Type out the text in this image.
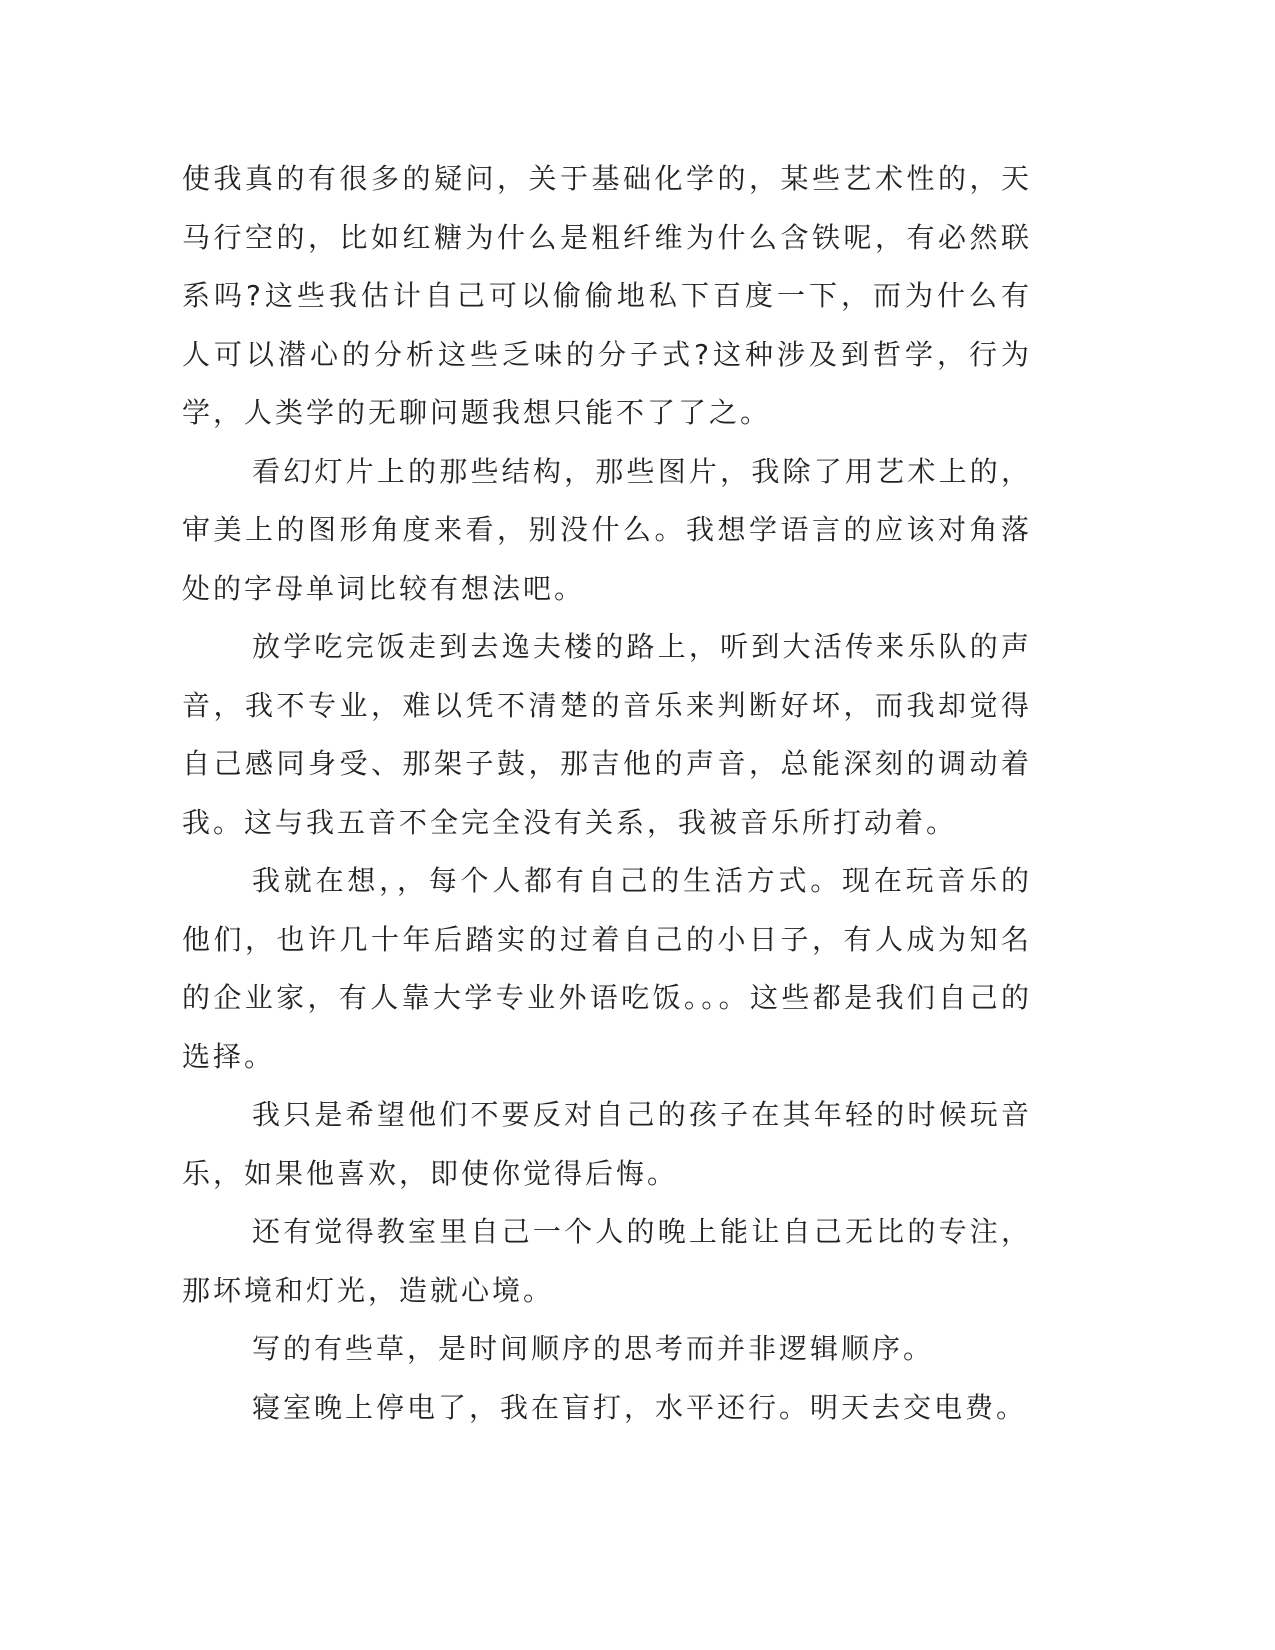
使我真的有很多的疑问，关于基础化学的，某些艺术性的，天马行空的，比如红糖为什么是粗纤维为什么含铁呢，有必然联系吗?这些我估计自己可以偷偷地私下百度一下，而为什么有人可以潜心的分析这些乏味的分子式?这种涉及到哲学，行为学，人类学的无聊问题我想只能不了了之。

看幻灯片上的那些结构，那些图片，我除了用艺术上的，审美上的图形角度来看，别没什么。我想学语言的应该对角落处的字母单词比较有想法吧。

放学吃完饭走到去逸夫楼的路上，听到大活传来乐队的声音，我不专业，难以凭不清楚的音乐来判断好坏，而我却觉得自己感同身受、那架子鼓，那吉他的声音，总能深刻的调动着我。这与我五音不全完全没有关系，我被音乐所打动着。

我就在想，，每个人都有自己的生活方式。现在玩音乐的他们，也许几十年后踏实的过着自己的小日子，有人成为知名的企业家，有人靠大学专业外语吃饭。。。这些都是我们自己的选择。

我只是希望他们不要反对自己的孩子在其年轻的时候玩音乐，如果他喜欢，即使你觉得后悔。

还有觉得教室里自己一个人的晚上能让自己无比的专注，那坏境和灯光，造就心境。

写的有些草，是时间顺序的思考而并非逻辑顺序。

寝室晚上停电了，我在盲打，水平还行。明天去交电费。
